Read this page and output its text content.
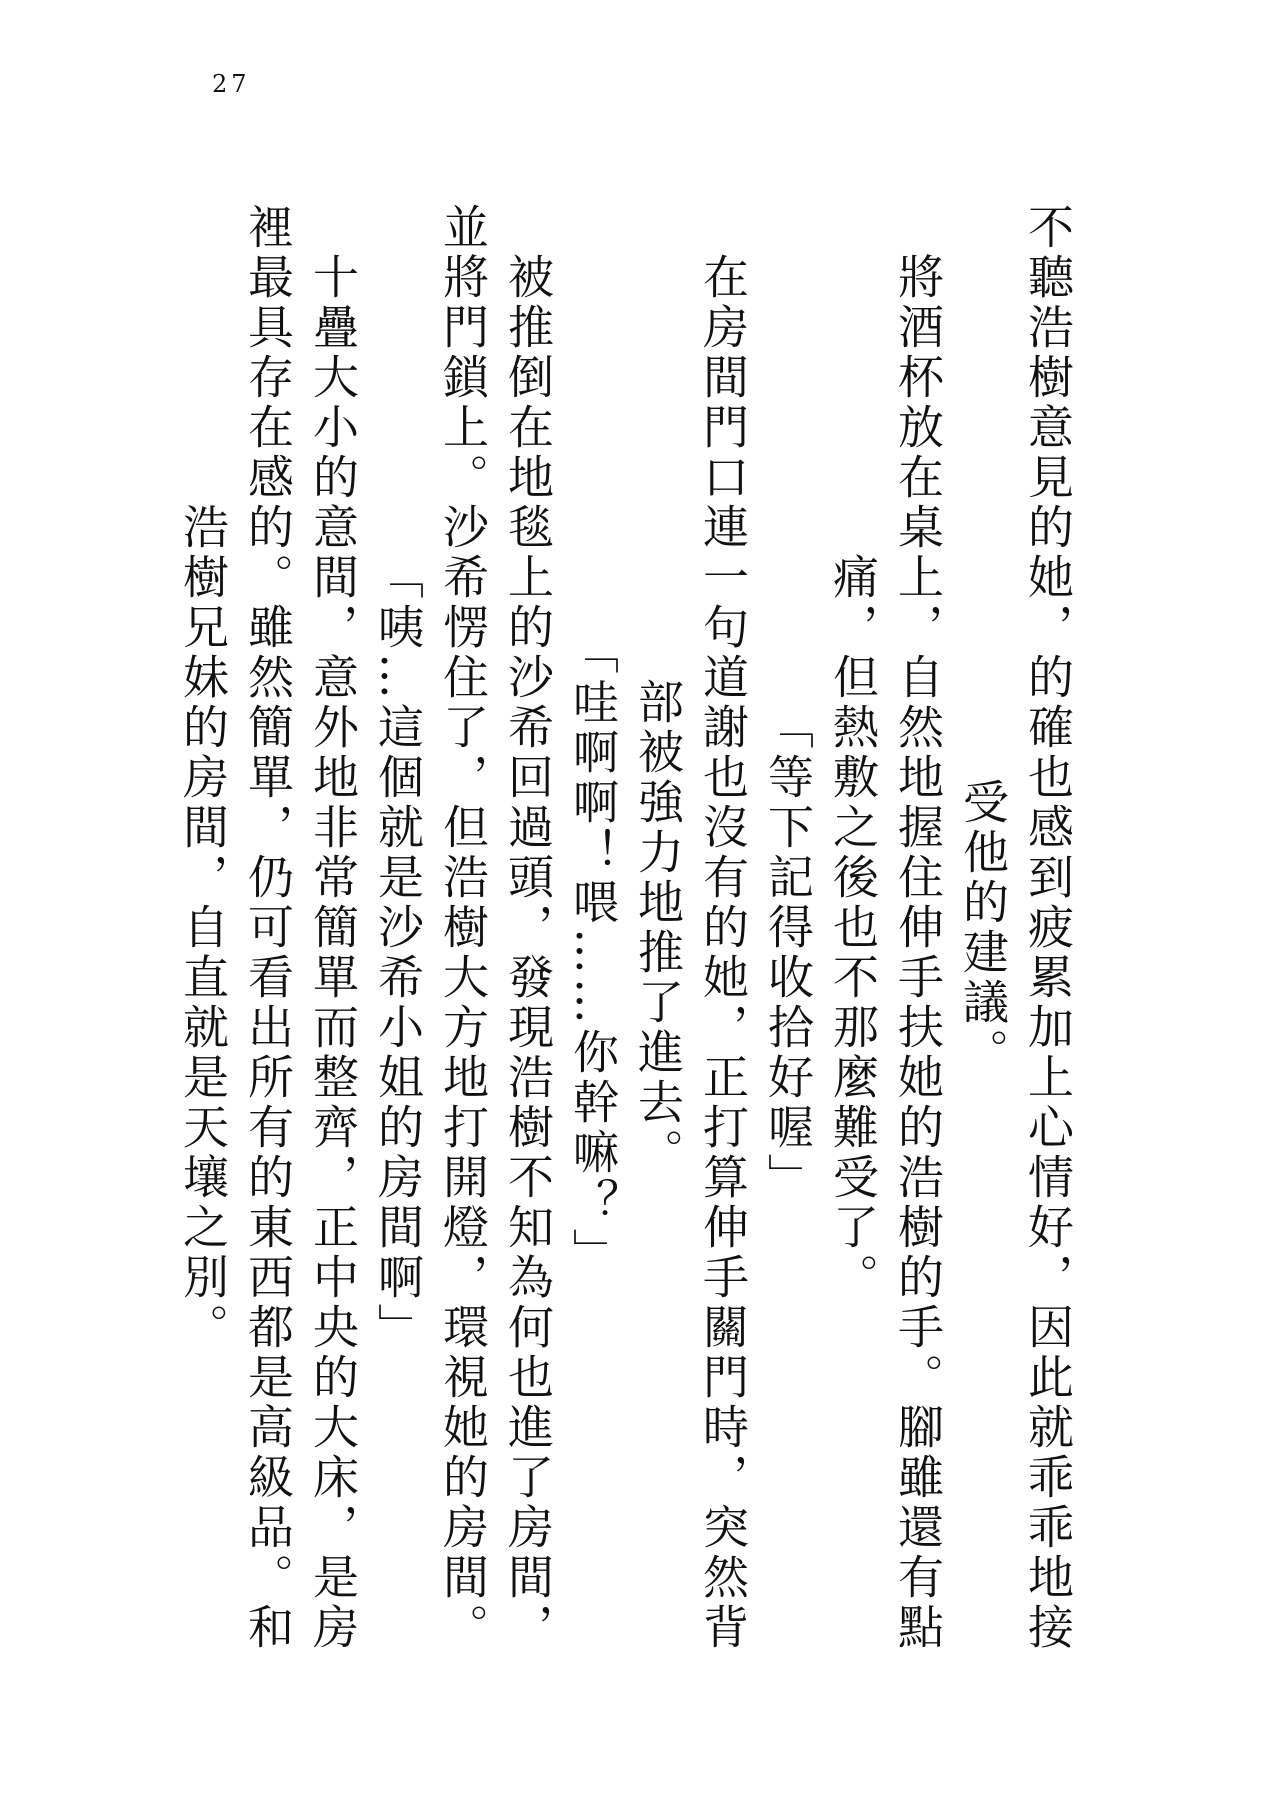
27

不聽浩樹意見的她，的確也感到疲累加上心情好，因此就乖乖地接

受他的建議。

將酒杯放在桌上，自然地握住伸手扶她的浩樹的手。腳雖還有點

痛，但熱敷之後也不那麼難受了。

「等下記得收拾好喔」

在房間門口連一句道謝也沒有的她，正打算伸手關門時，突然背

部被強力地推了進去。

「哇啊啊！喂……你幹嘛？」

被推倒在地毯上的沙希回過頭，發現浩樹不知為何也進了房間，

並將門鎖上。沙希愣住了，但浩樹大方地打開燈，環視她的房間。

「咦…這個就是沙希小姐的房間啊」

十疊大小的意間，意外地非常簡單而整齊，正中央的大床，是房

裡最具存在感的。雖然簡單，仍可看出所有的東西都是高級品。和

浩樹兄妹的房間，自直就是天壤之別。
